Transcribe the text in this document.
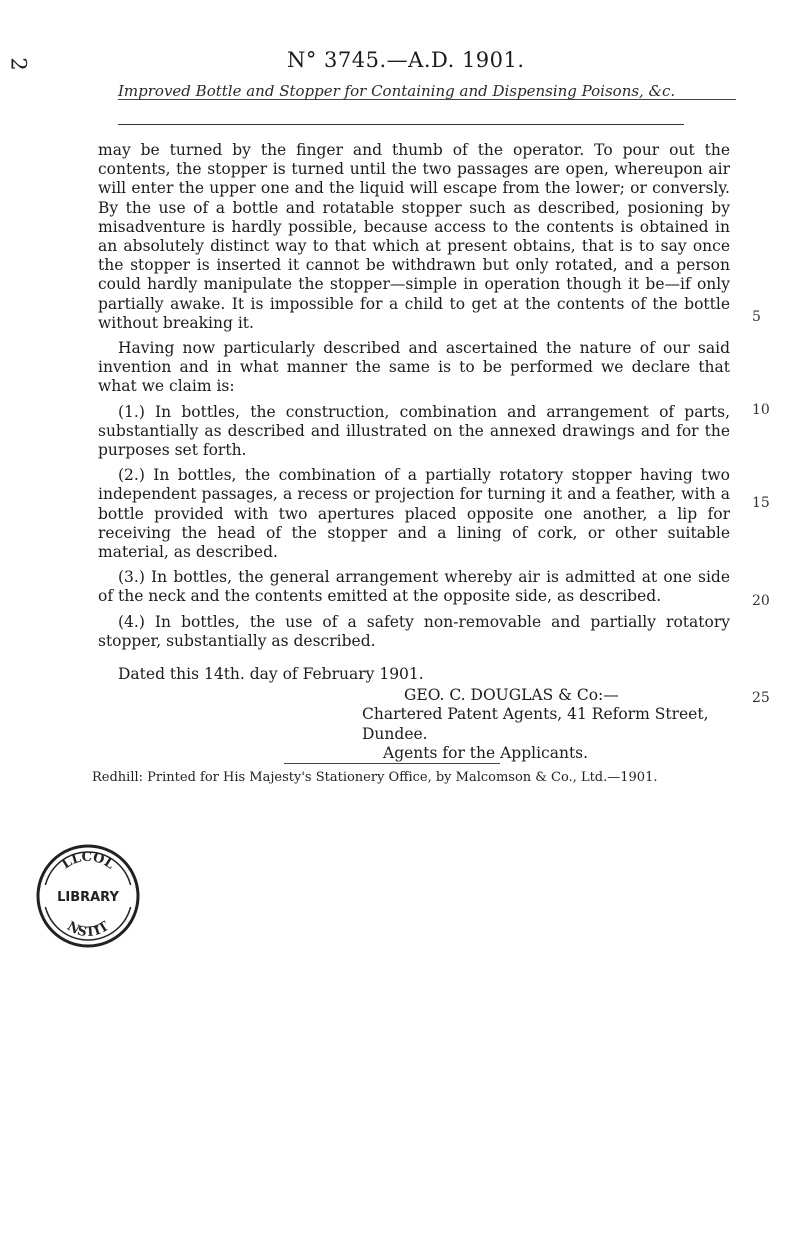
2	N° 3745.—A.D. 1901.
Improved Bottle and Stopper for Containing and Dispensing Poisons, &c.

may be turned by the finger and thumb of the operator. To pour out the contents, the stopper is turned until the two passages are open, whereupon air will enter the upper one and the liquid will escape from the lower; or conversly. By the use of a bottle and rotatable stopper such as described, posioning by misadventure is hardly possible, because access to the contents is obtained in an absolutely distinct way to that which at present obtains, that is to say once the stopper is inserted it cannot be withdrawn but only rotated, and a person could hardly manipulate the stopper—simple in operation though it be—if only partially awake. It is impossible for a child to get at the contents of the bottle without breaking it.

Having now particularly described and ascertained the nature of our said invention and in what manner the same is to be performed we declare that what we claim is:

(1.) In bottles, the construction, combination and arrangement of parts, substantially as described and illustrated on the annexed drawings and for the purposes set forth.

(2.) In bottles, the combination of a partially rotatory stopper having two independent passages, a recess or projection for turning it and a feather, with a bottle provided with two apertures placed opposite one another, a lip for receiving the head of the stopper and a lining of cork, or other suitable material, as described.

(3.) In bottles, the general arrangement whereby air is admitted at one side of the neck and the contents emitted at the opposite side, as described.

(4.) In bottles, the use of a safety non-removable and partially rotatory stopper, substantially as described.

5
10
15
20
25
Dated this 14th. day of February 1901.
GEO. C. DOUGLAS & Co:—
Chartered Patent Agents, 41 Reform Street, Dundee.
Agents for the Applicants.
Redhill: Printed for His Majesty's Stationery Office, by Malcomson & Co., Ltd.—1901.
LLCOL
LIBRARY
NSTIT
